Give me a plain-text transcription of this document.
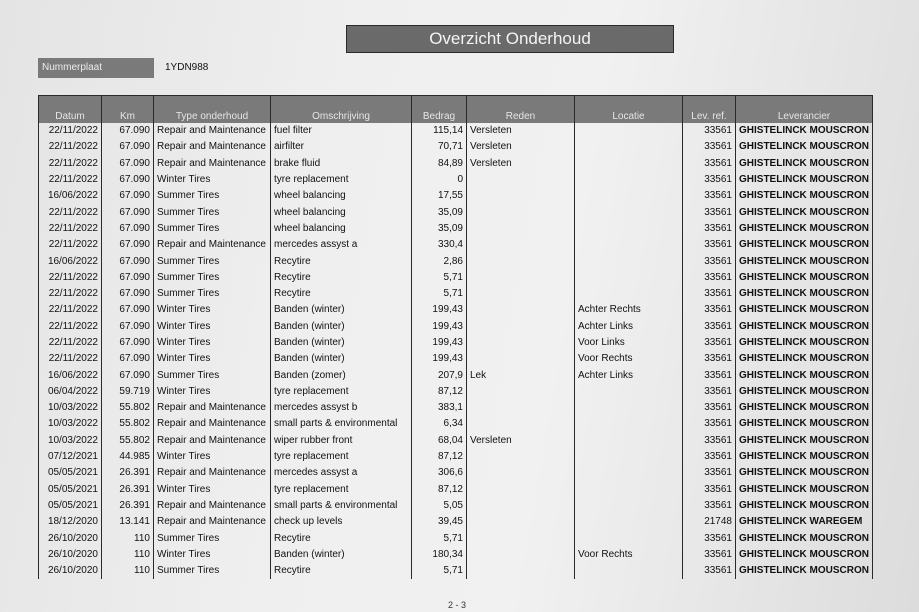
Overzicht Onderhoud
Nummerplaat	1YDN988
Datum	Km	Type onderhoud	Omschrijving	Bedrag	Reden	Locatie	Lev. ref.	Leverancier
22/11/2022	67.090	Repair and Maintenance	fuel filter	115,14	Versleten		33561	GHISTELINCK MOUSCRON
22/11/2022	67.090	Repair and Maintenance	airfilter	70,71	Versleten		33561	GHISTELINCK MOUSCRON
22/11/2022	67.090	Repair and Maintenance	brake fluid	84,89	Versleten		33561	GHISTELINCK MOUSCRON
22/11/2022	67.090	Winter Tires	tyre replacement	0			33561	GHISTELINCK MOUSCRON
16/06/2022	67.090	Summer Tires	wheel balancing	17,55			33561	GHISTELINCK MOUSCRON
22/11/2022	67.090	Summer Tires	wheel balancing	35,09			33561	GHISTELINCK MOUSCRON
22/11/2022	67.090	Summer Tires	wheel balancing	35,09			33561	GHISTELINCK MOUSCRON
22/11/2022	67.090	Repair and Maintenance	mercedes assyst a	330,4			33561	GHISTELINCK MOUSCRON
16/06/2022	67.090	Summer Tires	Recytire	2,86			33561	GHISTELINCK MOUSCRON
22/11/2022	67.090	Summer Tires	Recytire	5,71			33561	GHISTELINCK MOUSCRON
22/11/2022	67.090	Summer Tires	Recytire	5,71			33561	GHISTELINCK MOUSCRON
22/11/2022	67.090	Winter Tires	Banden (winter)	199,43		Achter Rechts	33561	GHISTELINCK MOUSCRON
22/11/2022	67.090	Winter Tires	Banden (winter)	199,43		Achter Links	33561	GHISTELINCK MOUSCRON
22/11/2022	67.090	Winter Tires	Banden (winter)	199,43		Voor Links	33561	GHISTELINCK MOUSCRON
22/11/2022	67.090	Winter Tires	Banden (winter)	199,43		Voor Rechts	33561	GHISTELINCK MOUSCRON
16/06/2022	67.090	Summer Tires	Banden (zomer)	207,9	Lek	Achter Links	33561	GHISTELINCK MOUSCRON
06/04/2022	59.719	Winter Tires	tyre replacement	87,12			33561	GHISTELINCK MOUSCRON
10/03/2022	55.802	Repair and Maintenance	mercedes assyst b	383,1			33561	GHISTELINCK MOUSCRON
10/03/2022	55.802	Repair and Maintenance	small parts & environmental	6,34			33561	GHISTELINCK MOUSCRON
10/03/2022	55.802	Repair and Maintenance	wiper rubber front	68,04	Versleten		33561	GHISTELINCK MOUSCRON
07/12/2021	44.985	Winter Tires	tyre replacement	87,12			33561	GHISTELINCK MOUSCRON
05/05/2021	26.391	Repair and Maintenance	mercedes assyst a	306,6			33561	GHISTELINCK MOUSCRON
05/05/2021	26.391	Winter Tires	tyre replacement	87,12			33561	GHISTELINCK MOUSCRON
05/05/2021	26.391	Repair and Maintenance	small parts & environmental	5,05			33561	GHISTELINCK MOUSCRON
18/12/2020	13.141	Repair and Maintenance	check up levels	39,45			21748	GHISTELINCK WAREGEM
26/10/2020	110	Summer Tires	Recytire	5,71			33561	GHISTELINCK MOUSCRON
26/10/2020	110	Winter Tires	Banden (winter)	180,34		Voor Rechts	33561	GHISTELINCK MOUSCRON
26/10/2020	110	Summer Tires	Recytire	5,71			33561	GHISTELINCK MOUSCRON
2 - 3
